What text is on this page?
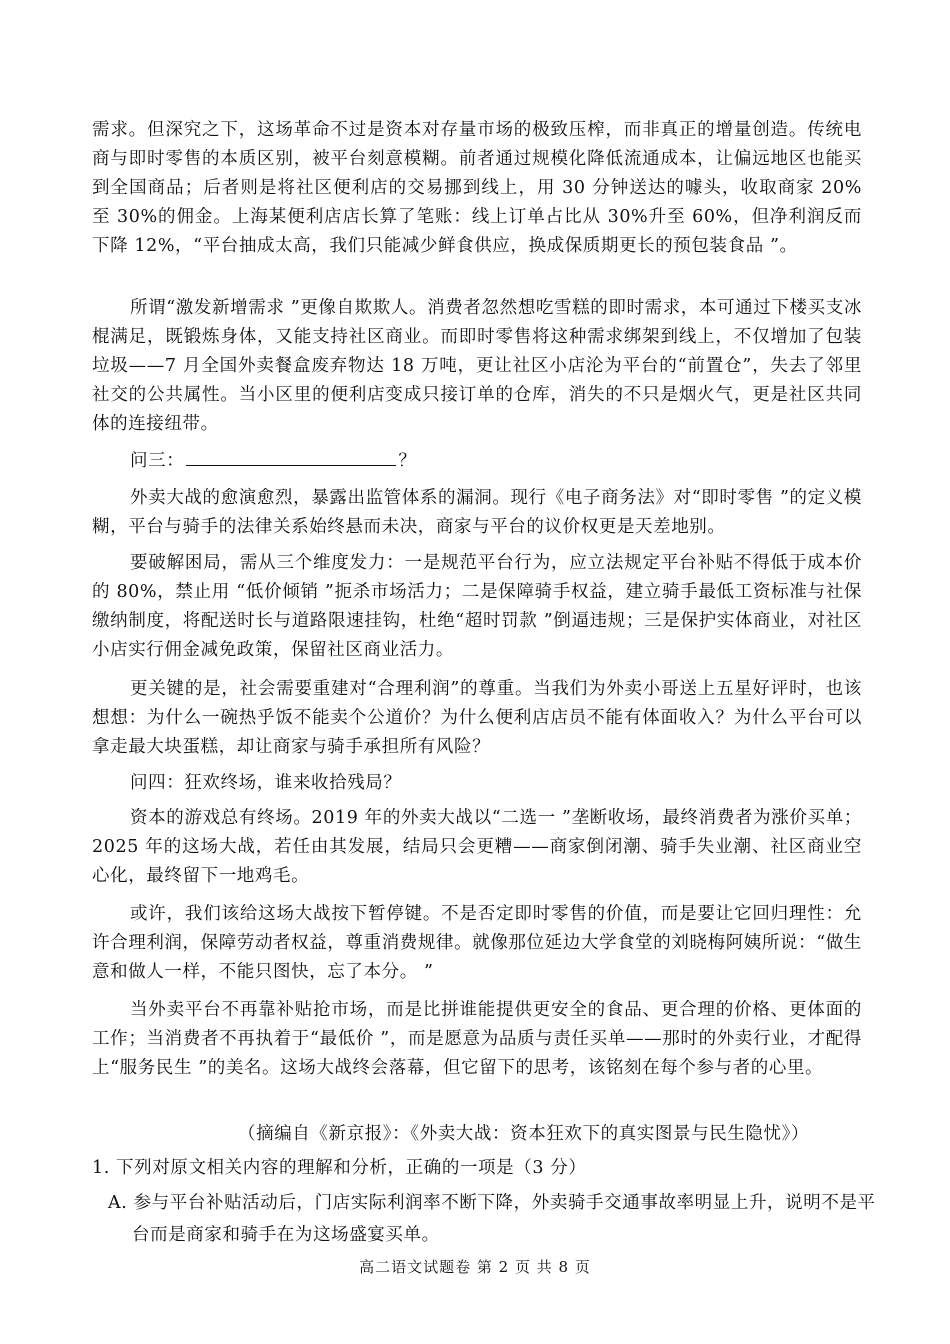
需求。但深究之下，这场革命不过是资本对存量市场的极致压榨，而非真正的增量创造。传统电商与即时零售的本质区别，被平台刻意模糊。前者通过规模化降低流通成本，让偏远地区也能买到全国商品；后者则是将社区便利店的交易挪到线上，用 30 分钟送达的噱头，收取商家 20%至 30%的佣金。上海某便利店店长算了笔账：线上订单占比从 30%升至 60%，但净利润反而下降 12%，“平台抽成太高，我们只能减少鲜食供应，换成保质期更长的预包装食品 ”。

所谓“激发新增需求 ”更像自欺欺人。消费者忽然想吃雪糕的即时需求，本可通过下楼买支冰棍满足，既锻炼身体，又能支持社区商业。而即时零售将这种需求绑架到线上，不仅增加了包装垃圾——7 月全国外卖餐盒废弃物达 18 万吨，更让社区小店沦为平台的“前置仓”，失去了邻里社交的公共属性。当小区里的便利店变成只接订单的仓库，消失的不只是烟火气，更是社区共同体的连接纽带。

问三：	？

外卖大战的愈演愈烈，暴露出监管体系的漏洞。现行《电子商务法》对“即时零售 ”的定义模糊，平台与骑手的法律关系始终悬而未决，商家与平台的议价权更是天差地别。

要破解困局，需从三个维度发力：一是规范平台行为，应立法规定平台补贴不得低于成本价的 80%，禁止用 “低价倾销 ”扼杀市场活力；二是保障骑手权益，建立骑手最低工资标准与社保缴纳制度，将配送时长与道路限速挂钩，杜绝“超时罚款 ”倒逼违规；三是保护实体商业，对社区小店实行佣金减免政策，保留社区商业活力。

更关键的是，社会需要重建对“合理利润”的尊重。当我们为外卖小哥送上五星好评时，也该想想：为什么一碗热乎饭不能卖个公道价？为什么便利店店员不能有体面收入？为什么平台可以拿走最大块蛋糕，却让商家与骑手承担所有风险？

问四：狂欢终场，谁来收拾残局？

资本的游戏总有终场。2019 年的外卖大战以“二选一 ”垄断收场，最终消费者为涨价买单；2025 年的这场大战，若任由其发展，结局只会更糟——商家倒闭潮、骑手失业潮、社区商业空心化，最终留下一地鸡毛。

或许，我们该给这场大战按下暂停键。不是否定即时零售的价值，而是要让它回归理性：允许合理利润，保障劳动者权益，尊重消费规律。就像那位延边大学食堂的刘晓梅阿姨所说：“做生意和做人一样，不能只图快，忘了本分。 ”

当外卖平台不再靠补贴抢市场，而是比拼谁能提供更安全的食品、更合理的价格、更体面的工作；当消费者不再执着于“最低价 ”，而是愿意为品质与责任买单——那时的外卖行业，才配得上“服务民生 ”的美名。这场大战终会落幕，但它留下的思考，该铭刻在每个参与者的心里。

（摘编自《新京报》：《外卖大战：资本狂欢下的真实图景与民生隐忧》）

1. 下列对原文相关内容的理解和分析，正确的一项是（3 分）

A. 参与平台补贴活动后，门店实际利润率不断下降，外卖骑手交通事故率明显上升，说明不是平台而是商家和骑手在为这场盛宴买单。

高二语文试题卷 第 2 页 共 8 页
